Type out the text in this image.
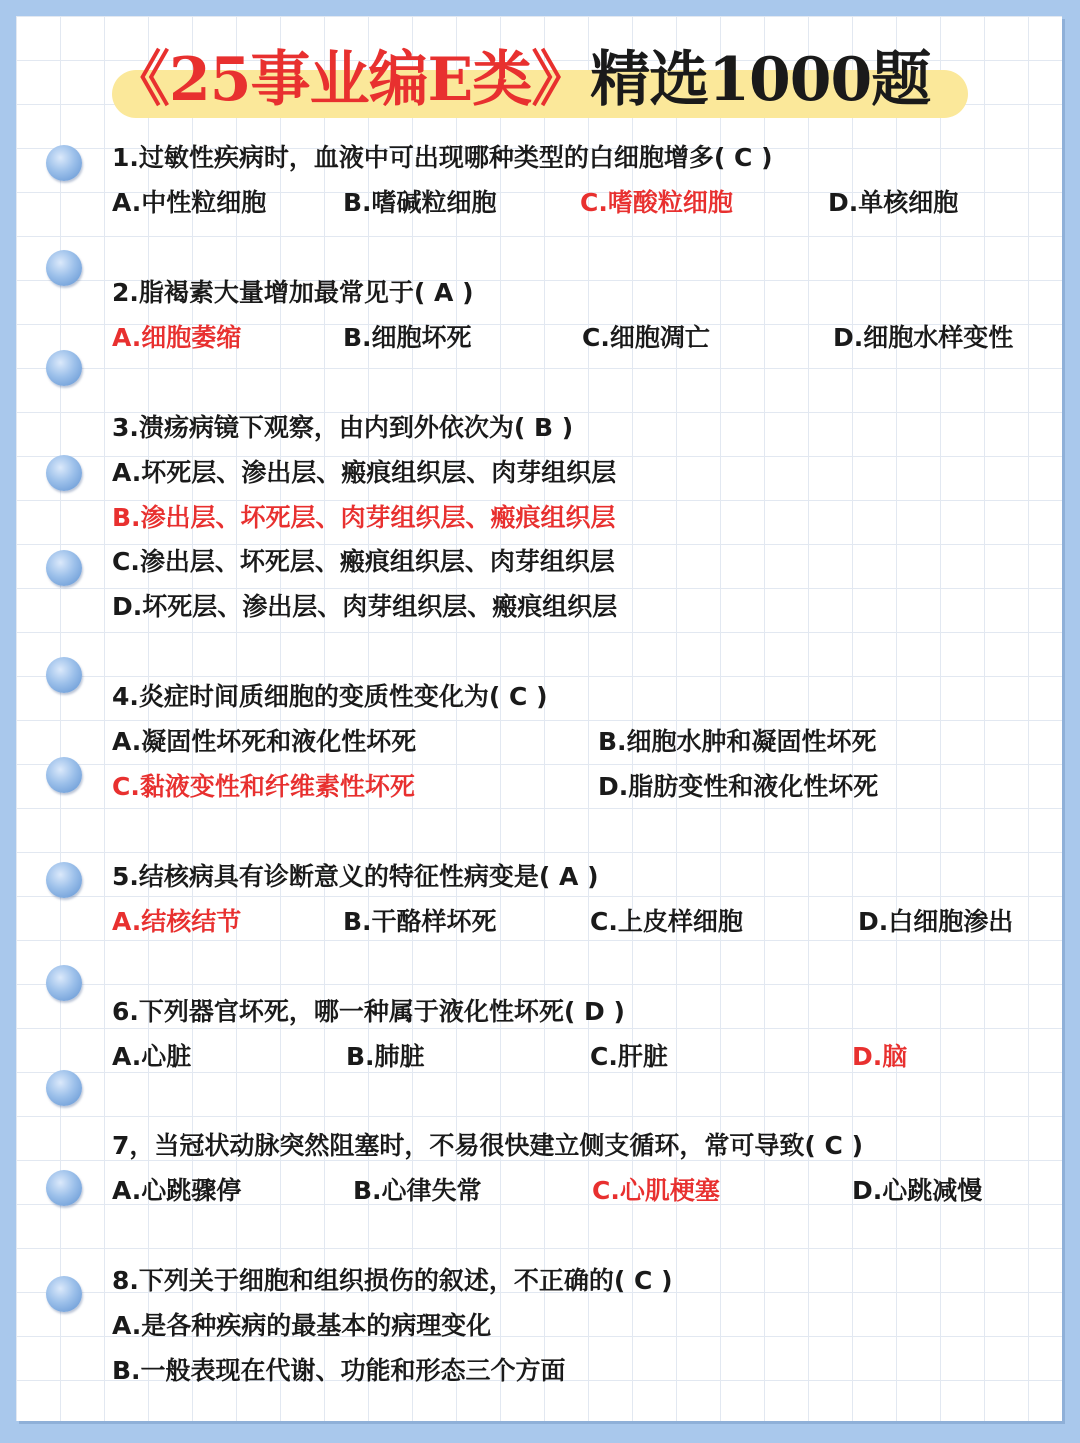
《25事业编E类》精选1000题
1.过敏性疾病时，血液中可出现哪种类型的白细胞增多( C )
A.中性粒细胞	B.嗜碱粒细胞	C.嗜酸粒细胞	D.单核细胞
2.脂褐素大量增加最常见于( A )
A.细胞萎缩	B.细胞坏死	C.细胞凋亡	D.细胞水样变性
3.溃疡病镜下观察，由内到外依次为( B )
A.坏死层、渗出层、瘢痕组织层、肉芽组织层
B.渗出层、坏死层、肉芽组织层、瘢痕组织层
C.渗出层、坏死层、瘢痕组织层、肉芽组织层
D.坏死层、渗出层、肉芽组织层、瘢痕组织层
4.炎症时间质细胞的变质性变化为( C )
A.凝固性坏死和液化性坏死	B.细胞水肿和凝固性坏死
C.黏液变性和纤维素性坏死	D.脂肪变性和液化性坏死
5.结核病具有诊断意义的特征性病变是( A )
A.结核结节	B.干酪样坏死	C.上皮样细胞	D.白细胞渗出
6.下列器官坏死，哪一种属于液化性坏死( D )
A.心脏	B.肺脏	C.肝脏	D.脑
7，当冠状动脉突然阻塞时，不易很快建立侧支循环，常可导致( C )
A.心跳骤停	B.心律失常	C.心肌梗塞	D.心跳减慢
8.下列关于细胞和组织损伤的叙述，不正确的( C )
A.是各种疾病的最基本的病理变化
B.一般表现在代谢、功能和形态三个方面
